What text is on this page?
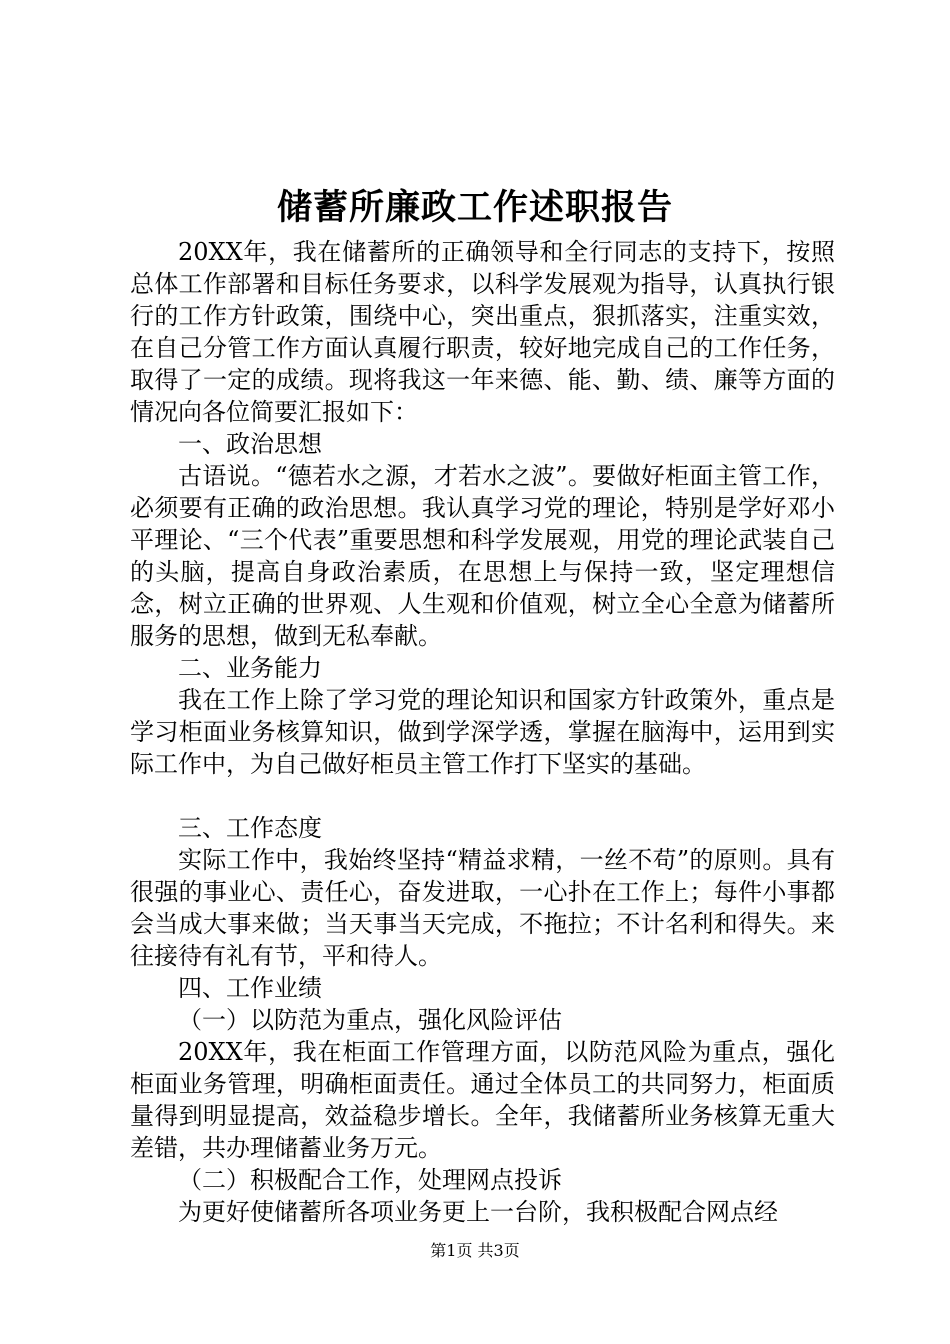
储蓄所廉政工作述职报告

20XX年，我在储蓄所的正确领导和全行同志的支持下，按照总体工作部署和目标任务要求，以科学发展观为指导，认真执行银行的工作方针政策，围绕中心，突出重点，狠抓落实，注重实效，在自己分管工作方面认真履行职责，较好地完成自己的工作任务，取得了一定的成绩。现将我这一年来德、能、勤、绩、廉等方面的情况向各位简要汇报如下：

一、政治思想

古语说。“德若水之源，才若水之波”。要做好柜面主管工作，必须要有正确的政治思想。我认真学习党的理论，特别是学好邓小平理论、“三个代表”重要思想和科学发展观，用党的理论武装自己的头脑，提高自身政治素质，在思想上与保持一致，坚定理想信念，树立正确的世界观、人生观和价值观，树立全心全意为储蓄所服务的思想，做到无私奉献。

二、业务能力

我在工作上除了学习党的理论知识和国家方针政策外，重点是学习柜面业务核算知识，做到学深学透，掌握在脑海中，运用到实际工作中，为自己做好柜员主管工作打下坚实的基础。

三、工作态度

实际工作中，我始终坚持“精益求精，一丝不苟”的原则。具有很强的事业心、责任心，奋发进取，一心扑在工作上；每件小事都会当成大事来做；当天事当天完成，不拖拉；不计名利和得失。来往接待有礼有节，平和待人。

四、工作业绩

（一）以防范为重点，强化风险评估

20XX年，我在柜面工作管理方面，以防范风险为重点，强化柜面业务管理，明确柜面责任。通过全体员工的共同努力，柜面质量得到明显提高，效益稳步增长。全年，我储蓄所业务核算无重大差错，共办理储蓄业务万元。

（二）积极配合工作，处理网点投诉

为更好使储蓄所各项业务更上一台阶，我积极配合网点经

第1页 共3页
